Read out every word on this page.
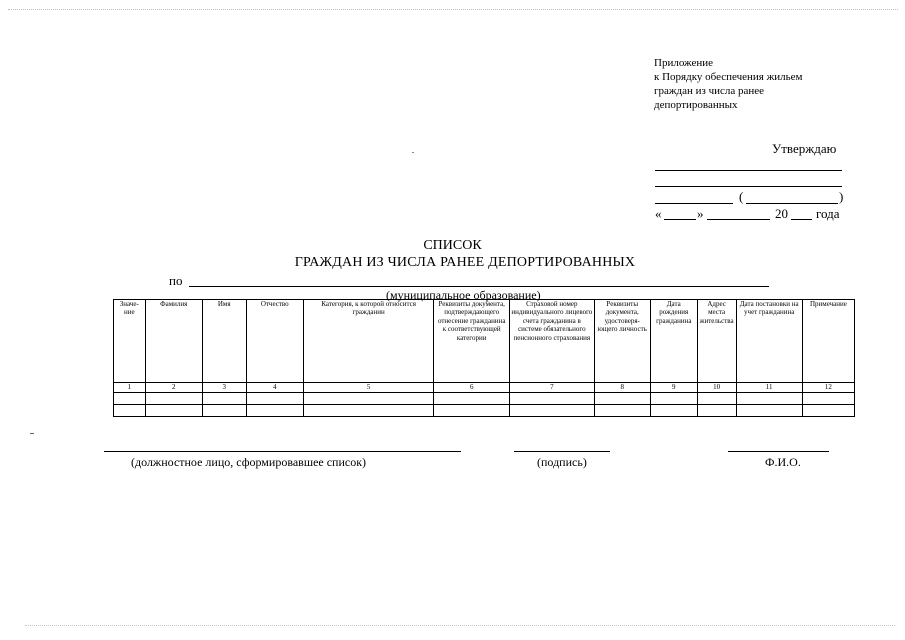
Приложение
к Порядку обеспечения жильем
граждан из числа ранее
депортированных
Утверждаю
(	)
«	»	20 года
СПИСОК
ГРАЖДАН ИЗ ЧИСЛА РАНЕЕ ДЕПОРТИРОВАННЫХ
по
(муниципальное образование)
Значе-ние	Фамилия	Имя	Отчество	Категория, к которой относится гражданин	Реквизиты документа, подтверждающего отнесение гражданина к соответствующей категории	Страховой номер индивидуального лицевого счета гражданина в системе обязательного пенсионного страхования	Реквизиты документа, удостоверя-ющего личность	Дата рождения гражданина	Адрес места жительства	Дата постановки на учет гражданина	Примечание
1	2	3	4	5	6	7	8	9	10	11	12

(должностное лицо, сформировавшее список)	(подпись)	Ф.И.О.
